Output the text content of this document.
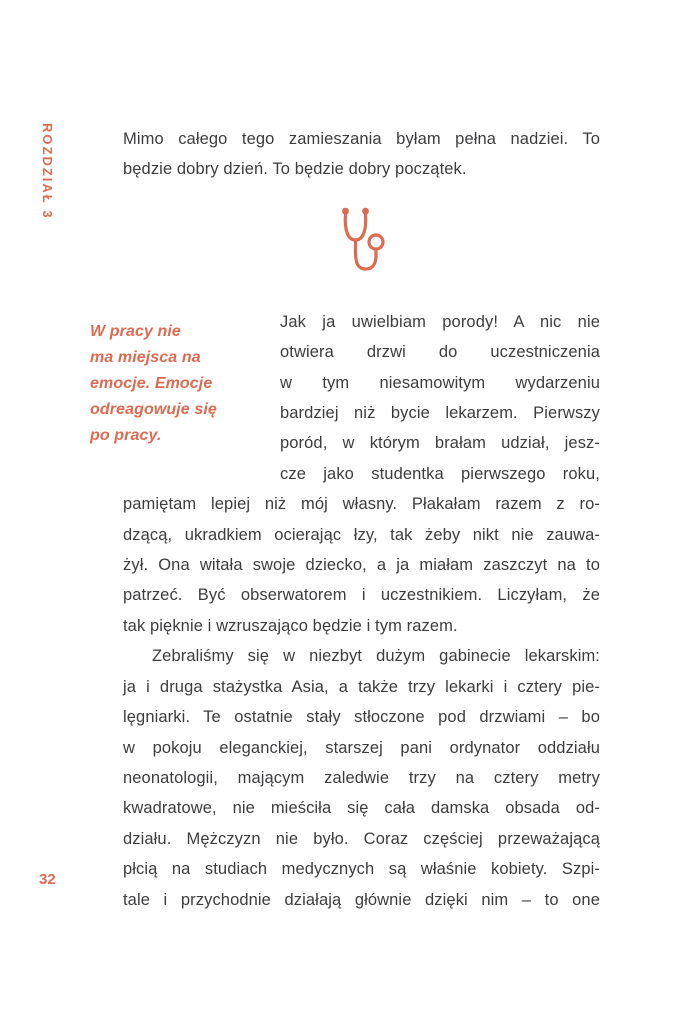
ROZDZIAŁ 3	Mimo całego tego zamieszania byłam pełna nadziei. To
będzie dobry dzień. To będzie dobry początek.
W pracy nie
ma miejsca na
emocje. Emocje
odreagowuje się
po pracy.
Jak ja uwielbiam porody! A nic nie
otwiera drzwi do uczestniczenia
w tym niesamowitym wydarzeniu
bardziej niż bycie lekarzem. Pierwszy
poród, w którym brałam udział, jesz-
cze jako studentka pierwszego roku,
pamiętam lepiej niż mój własny. Płakałam razem z ro-
dzącą, ukradkiem ocierając łzy, tak żeby nikt nie zauwa-
żył. Ona witała swoje dziecko, a ja miałam zaszczyt na to
patrzeć. Być obserwatorem i uczestnikiem. Liczyłam, że
tak pięknie i wzruszająco będzie i tym razem.
Zebraliśmy się w niezbyt dużym gabinecie lekarskim:
ja i druga stażystka Asia, a także trzy lekarki i cztery pie-
lęgniarki. Te ostatnie stały stłoczone pod drzwiami – bo
w pokoju eleganckiej, starszej pani ordynator oddziału
neonatologii, mającym zaledwie trzy na cztery metry
kwadratowe, nie mieściła się cała damska obsada od-
działu. Mężczyzn nie było. Coraz częściej przeważającą
płcią na studiach medycznych są właśnie kobiety. Szpi-
tale i przychodnie działają głównie dzięki nim – to one
32
